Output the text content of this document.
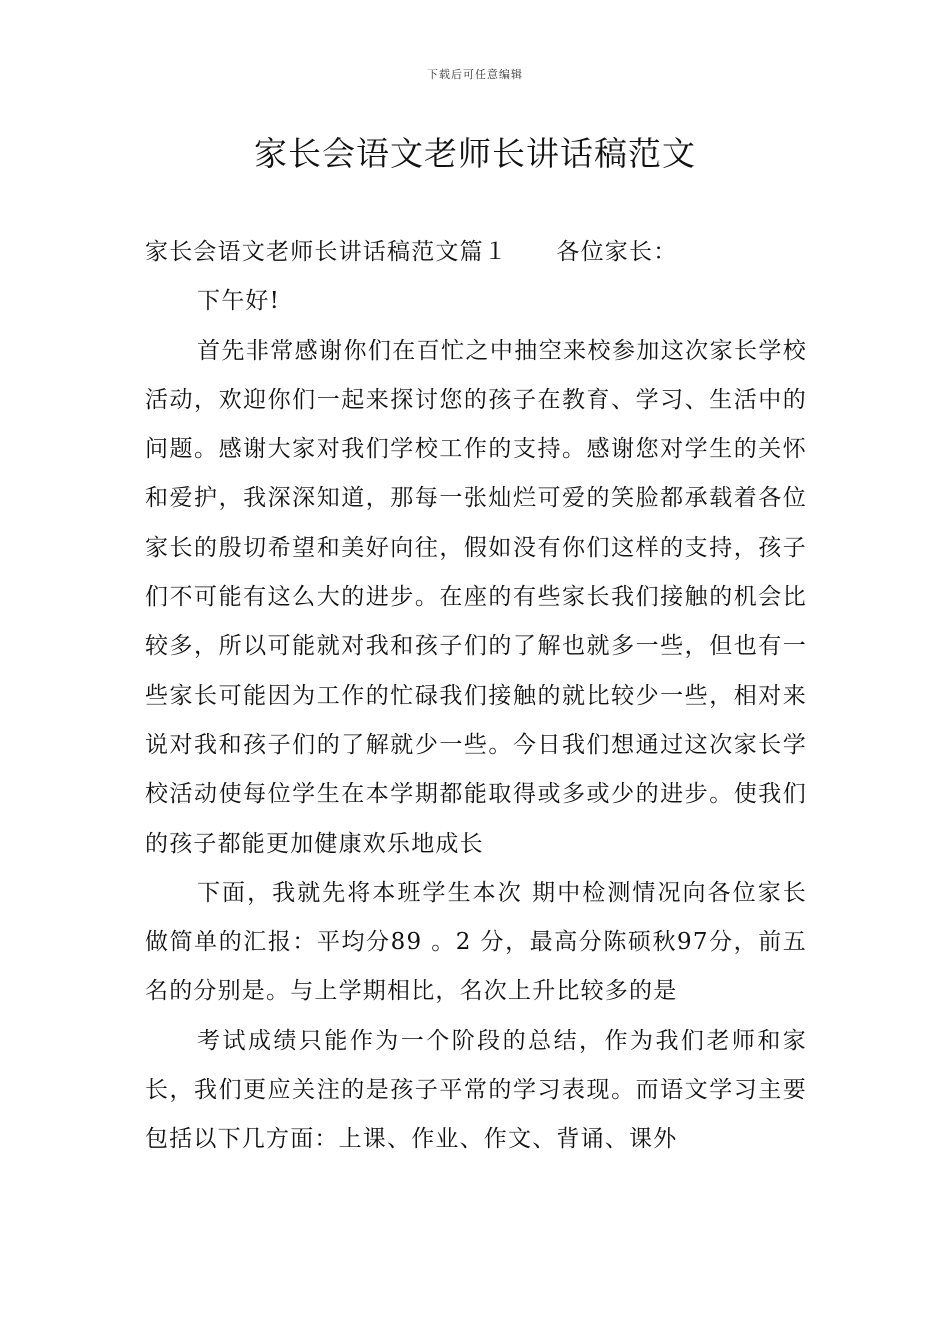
下载后可任意编辑
家长会语文老师长讲话稿范文

家长会语文老师长讲话稿范文篇１　　各位家长：

下午好!

首先非常感谢你们在百忙之中抽空来校参加这次家长学校活动，欢迎你们一起来探讨您的孩子在教育、学习、生活中的问题。感谢大家对我们学校工作的支持。感谢您对学生的关怀和爱护，我深深知道，那每一张灿烂可爱的笑脸都承载着各位家长的殷切希望和美好向往，假如没有你们这样的支持，孩子们不可能有这么大的进步。在座的有些家长我们接触的机会比较多，所以可能就对我和孩子们的了解也就多一些，但也有一些家长可能因为工作的忙碌我们接触的就比较少一些，相对来说对我和孩子们的了解就少一些。今日我们想通过这次家长学校活动使每位学生在本学期都能取得或多或少的进步。使我们的孩子都能更加健康欢乐地成长

下面，我就先将本班学生本次 期中检测情况向各位家长做简单的汇报：平均分89 。2 分，最高分陈硕秋97分，前五名的分别是。与上学期相比，名次上升比较多的是

考试成绩只能作为一个阶段的总结，作为我们老师和家长，我们更应关注的是孩子平常的学习表现。而语文学习主要包括以下几方面：上课、作业、作文、背诵、课外
